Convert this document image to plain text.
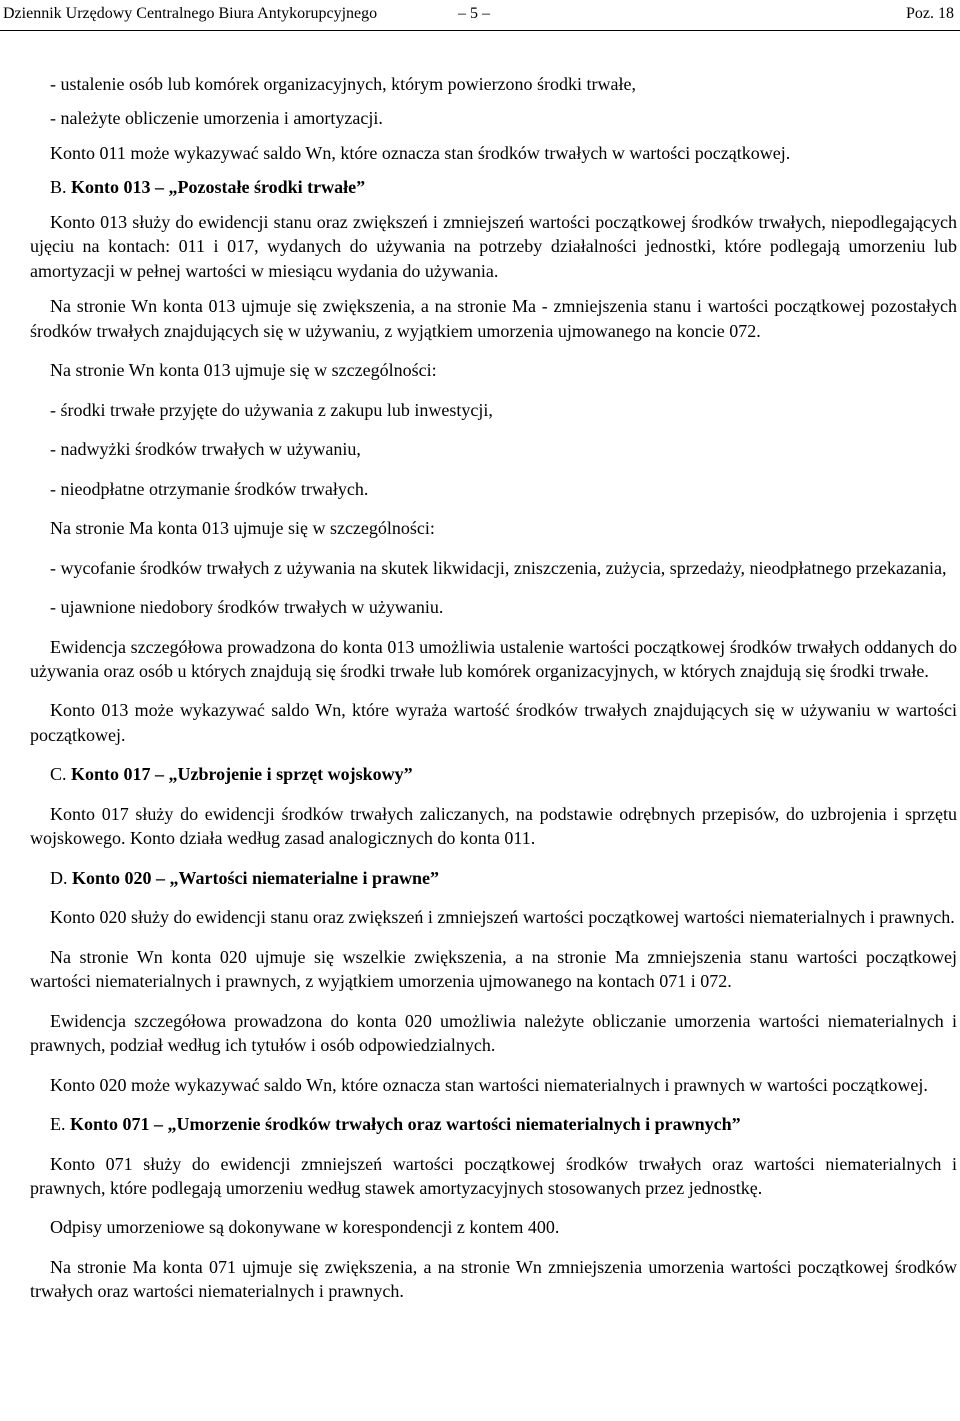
Dziennik Urzędowy Centralnego Biura Antykorupcyjnego	– 5 –	Poz. 18

- ustalenie osób lub komórek organizacyjnych, którym powierzono środki trwałe,

- należyte obliczenie umorzenia i amortyzacji.

Konto 011 może wykazywać saldo Wn, które oznacza stan środków trwałych w wartości początkowej.

B. Konto 013 – „Pozostałe środki trwałe”

Konto 013 służy do ewidencji stanu oraz zwiększeń i zmniejszeń wartości początkowej środków trwałych, niepodlegających ujęciu na kontach: 011 i 017, wydanych do używania na potrzeby działalności jednostki, które podlegają umorzeniu lub amortyzacji w pełnej wartości w miesiącu wydania do używania.

Na stronie Wn konta 013 ujmuje się zwiększenia, a na stronie Ma - zmniejszenia stanu i wartości początkowej pozostałych środków trwałych znajdujących się w używaniu, z wyjątkiem umorzenia ujmowanego na koncie 072.

Na stronie Wn konta 013 ujmuje się w szczególności:

- środki trwałe przyjęte do używania z zakupu lub inwestycji,

- nadwyżki środków trwałych w używaniu,

- nieodpłatne otrzymanie środków trwałych.

Na stronie Ma konta 013 ujmuje się w szczególności:

- wycofanie środków trwałych z używania na skutek likwidacji, zniszczenia, zużycia, sprzedaży, nieodpłatnego przekazania,

- ujawnione niedobory środków trwałych w używaniu.

Ewidencja szczegółowa prowadzona do konta 013 umożliwia ustalenie wartości początkowej środków trwałych oddanych do używania oraz osób u których znajdują się środki trwałe lub komórek organizacyjnych, w których znajdują się środki trwałe.

Konto 013 może wykazywać saldo Wn, które wyraża wartość środków trwałych znajdujących się w używaniu w wartości początkowej.

C. Konto 017 – „Uzbrojenie i sprzęt wojskowy”

Konto 017 służy do ewidencji środków trwałych zaliczanych, na podstawie odrębnych przepisów, do uzbrojenia i sprzętu wojskowego. Konto działa według zasad analogicznych do konta 011.

D. Konto 020 – „Wartości niematerialne i prawne”

Konto 020 służy do ewidencji stanu oraz zwiększeń i zmniejszeń wartości początkowej wartości niematerialnych i prawnych.

Na stronie Wn konta 020 ujmuje się wszelkie zwiększenia, a na stronie Ma zmniejszenia stanu wartości początkowej wartości niematerialnych i prawnych, z wyjątkiem umorzenia ujmowanego na kontach 071 i 072.

Ewidencja szczegółowa prowadzona do konta 020 umożliwia należyte obliczanie umorzenia wartości niematerialnych i prawnych, podział według ich tytułów i osób odpowiedzialnych.

Konto 020 może wykazywać saldo Wn, które oznacza stan wartości niematerialnych i prawnych w wartości początkowej.

E. Konto 071 – „Umorzenie środków trwałych oraz wartości niematerialnych i prawnych”

Konto 071 służy do ewidencji zmniejszeń wartości początkowej środków trwałych oraz wartości niematerialnych i prawnych, które podlegają umorzeniu według stawek amortyzacyjnych stosowanych przez jednostkę.

Odpisy umorzeniowe są dokonywane w korespondencji z kontem 400.

Na stronie Ma konta 071 ujmuje się zwiększenia, a na stronie Wn zmniejszenia umorzenia wartości początkowej środków trwałych oraz wartości niematerialnych i prawnych.
